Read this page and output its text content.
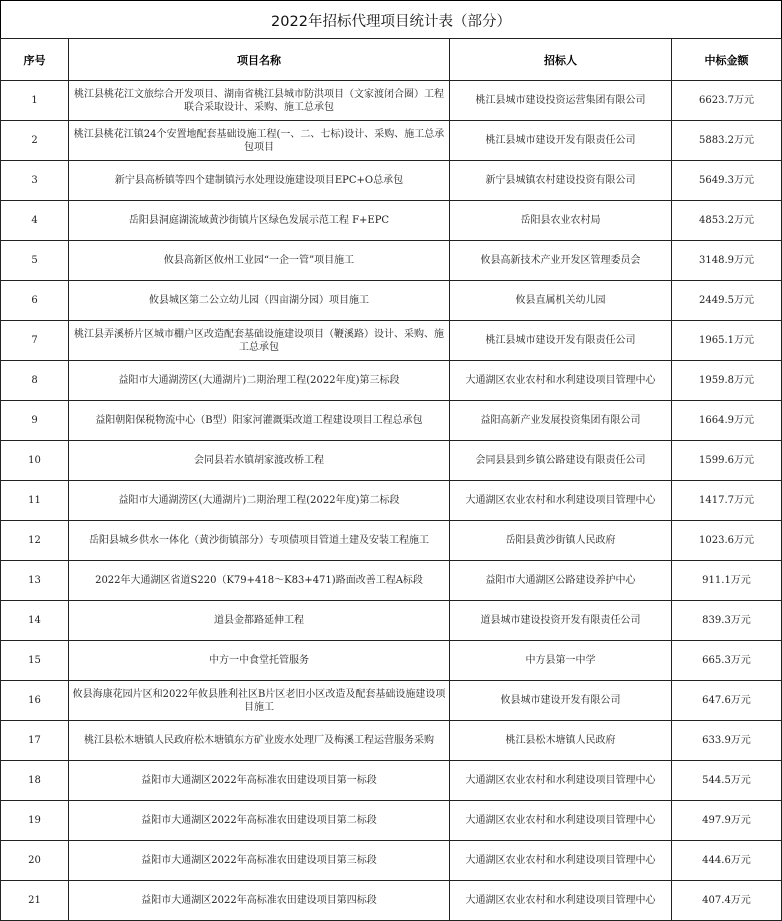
2022年招标代理项目统计表（部分）
序号	项目名称	招标人	中标金额
1	桃江县桃花江文旅综合开发项目、湖南省桃江县城市防洪项目（文家渡闭合圈）工程联合采取设计、采购、施工总承包	桃江县城市建设投资运营集团有限公司	6623.7万元
2	桃江县桃花江镇24个安置地配套基础设施工程(一、二、七标)设计、采购、施工总承包项目	桃江县城市建设开发有限责任公司	5883.2万元
3	新宁县高桥镇等四个建制镇污水处理设施建设项目EPC+O总承包	新宁县城镇农村建设投资有限公司	5649.3万元
4	岳阳县洞庭湖流域黄沙街镇片区绿色发展示范工程 F+EPC	岳阳县农业农村局	4853.2万元
5	攸县高新区攸州工业园“一企一管”项目施工	攸县高新技术产业开发区管理委员会	3148.9万元
6	攸县城区第二公立幼儿园（四亩湖分园）项目施工	攸县直属机关幼儿园	2449.5万元
7	桃江县弄溪桥片区城市棚户区改造配套基础设施建设项目（鞭溪路）设计、采购、施工总承包	桃江县城市建设开发有限责任公司	1965.1万元
8	益阳市大通湖涝区(大通湖片)二期治理工程(2022年度)第三标段	大通湖区农业农村和水利建设项目管理中心	1959.8万元
9	益阳朝阳保税物流中心（B型）阳家河灌溉渠改道工程建设项目工程总承包	益阳高新产业发展投资集团有限公司	1664.9万元
10	会同县若水镇胡家渡改桥工程	会同县县到乡镇公路建设有限责任公司	1599.6万元
11	益阳市大通湖涝区(大通湖片)二期治理工程(2022年度)第二标段	大通湖区农业农村和水利建设项目管理中心	1417.7万元
12	岳阳县城乡供水一体化（黄沙街镇部分）专项债项目管道土建及安装工程施工	岳阳县黄沙街镇人民政府	1023.6万元
13	2022年大通湖区省道S220（K79+418～K83+471)路面改善工程A标段	益阳市大通湖区公路建设养护中心	911.1万元
14	道县金都路延伸工程	道县城市建设投资开发有限责任公司	839.3万元
15	中方一中食堂托管服务	中方县第一中学	665.3万元
16	攸县海康花园片区和2022年攸县胜利社区B片区老旧小区改造及配套基础设施建设项目施工	攸县城市建设开发有限公司	647.6万元
17	桃江县松木塘镇人民政府松木塘镇东方矿业废水处理厂及梅溪工程运营服务采购	桃江县松木塘镇人民政府	633.9万元
18	益阳市大通湖区2022年高标准农田建设项目第一标段	大通湖区农业农村和水利建设项目管理中心	544.5万元
19	益阳市大通湖区2022年高标准农田建设项目第二标段	大通湖区农业农村和水利建设项目管理中心	497.9万元
20	益阳市大通湖区2022年高标准农田建设项目第三标段	大通湖区农业农村和水利建设项目管理中心	444.6万元
21	益阳市大通湖区2022年高标准农田建设项目第四标段	大通湖区农业农村和水利建设项目管理中心	407.4万元
